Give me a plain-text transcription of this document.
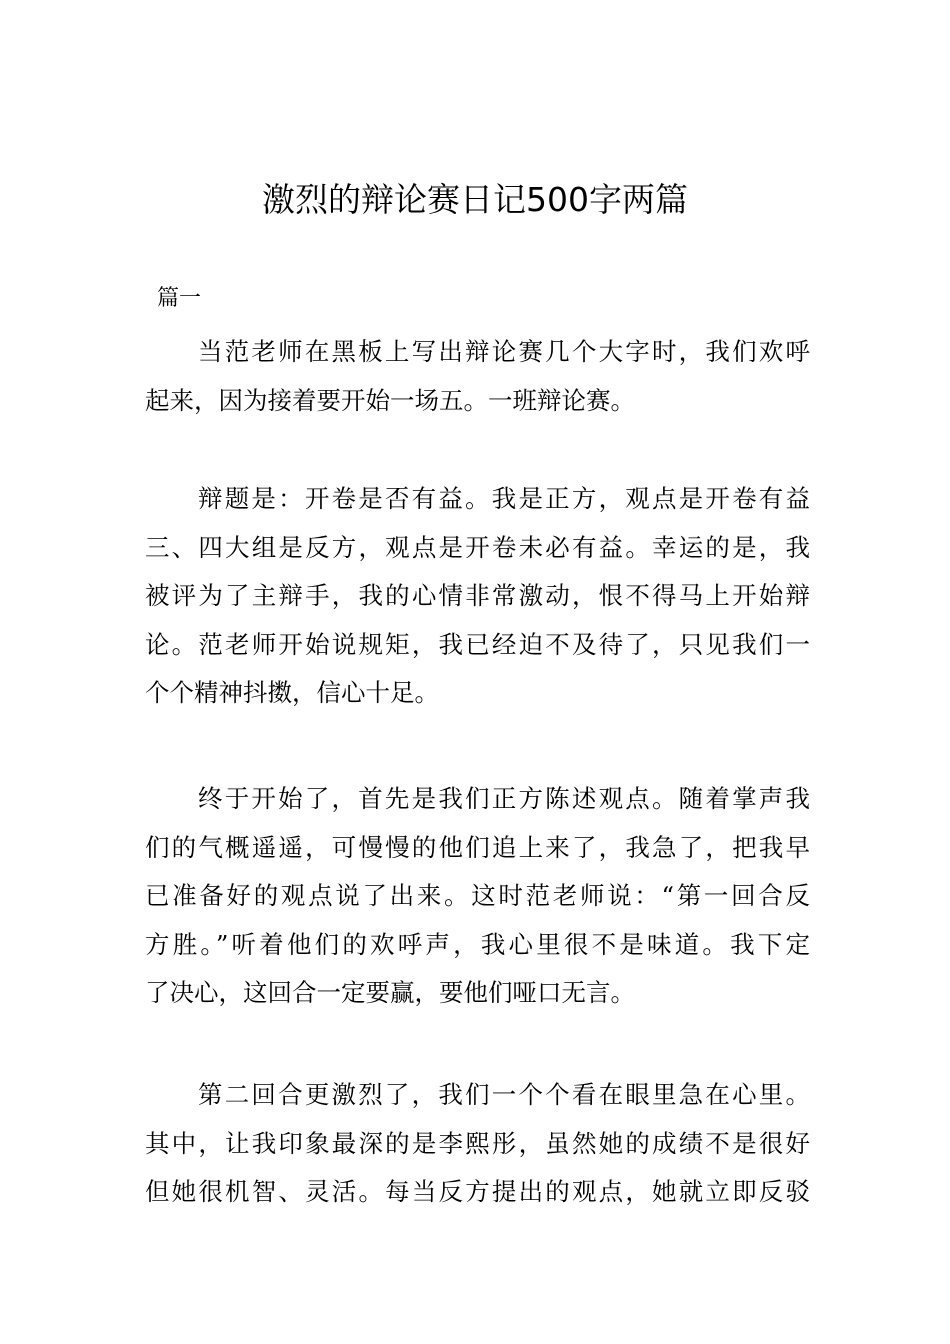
激烈的辩论赛日记500字两篇
篇一
当范老师在黑板上写出辩论赛几个大字时，我们欢呼
起来，因为接着要开始一场五。一班辩论赛。
辩题是：开卷是否有益。我是正方，观点是开卷有益
三、四大组是反方，观点是开卷未必有益。幸运的是，我
被评为了主辩手，我的心情非常激动，恨不得马上开始辩
论。范老师开始说规矩，我已经迫不及待了，只见我们一
个个精神抖擞，信心十足。
终于开始了，首先是我们正方陈述观点。随着掌声我
们的气概遥遥，可慢慢的他们追上来了，我急了，把我早
已准备好的观点说了出来。这时范老师说：“第一回合反
方胜。”听着他们的欢呼声，我心里很不是味道。我下定
了决心，这回合一定要赢，要他们哑口无言。
第二回合更激烈了，我们一个个看在眼里急在心里。
其中，让我印象最深的是李熙彤，虽然她的成绩不是很好
但她很机智、灵活。每当反方提出的观点，她就立即反驳
